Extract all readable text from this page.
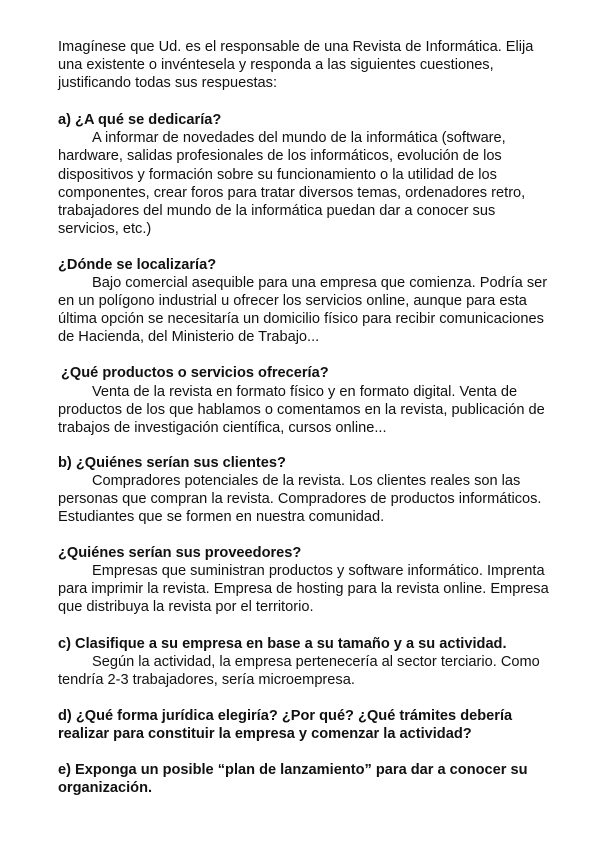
Imagínese que Ud. es el responsable de una Revista de Informática. Elija una existente o invénteselа y responda a las siguientes cuestiones, justificando todas sus respuestas:

a) ¿A qué se dedicaría?

A informar de novedades del mundo de la informática (software, hardware, salidas profesionales de los informáticos, evolución de los dispositivos y formación sobre su funcionamiento o la utilidad de los componentes, crear foros para tratar diversos temas, ordenadores retro, trabajadores del mundo de la informática puedan dar a conocer sus servicios, etc.)

¿Dónde se localizaría?

Bajo comercial asequible para una empresa que comienza. Podría ser en un polígono industrial u ofrecer los servicios online, aunque para esta última opción se necesitaría un domicilio físico para recibir comunicaciones de Hacienda, del Ministerio de Trabajo...

¿Qué productos o servicios ofrecería?

Venta de la revista en formato físico y en formato digital. Venta de productos de los que hablamos o comentamos en la revista, publicación de trabajos de investigación científica, cursos online...

b) ¿Quiénes serían sus clientes?

Compradores potenciales de la revista. Los clientes reales son las personas que compran la revista. Compradores de productos informáticos. Estudiantes que se formen en nuestra comunidad.

¿Quiénes serían sus proveedores?

Empresas que suministran productos y software informático. Imprenta para imprimir la revista. Empresa de hosting para la revista online. Empresa que distribuya la revista por el territorio.

c) Clasifique a su empresa en base a su tamaño y a su actividad.

Según la actividad, la empresa pertenecería al sector terciario. Como tendría 2-3 trabajadores, sería microempresa.

d) ¿Qué forma jurídica elegiría? ¿Por qué? ¿Qué trámites debería realizar para constituir la empresa y comenzar la actividad?

e) Exponga un posible “plan de lanzamiento” para dar a conocer su organización.
